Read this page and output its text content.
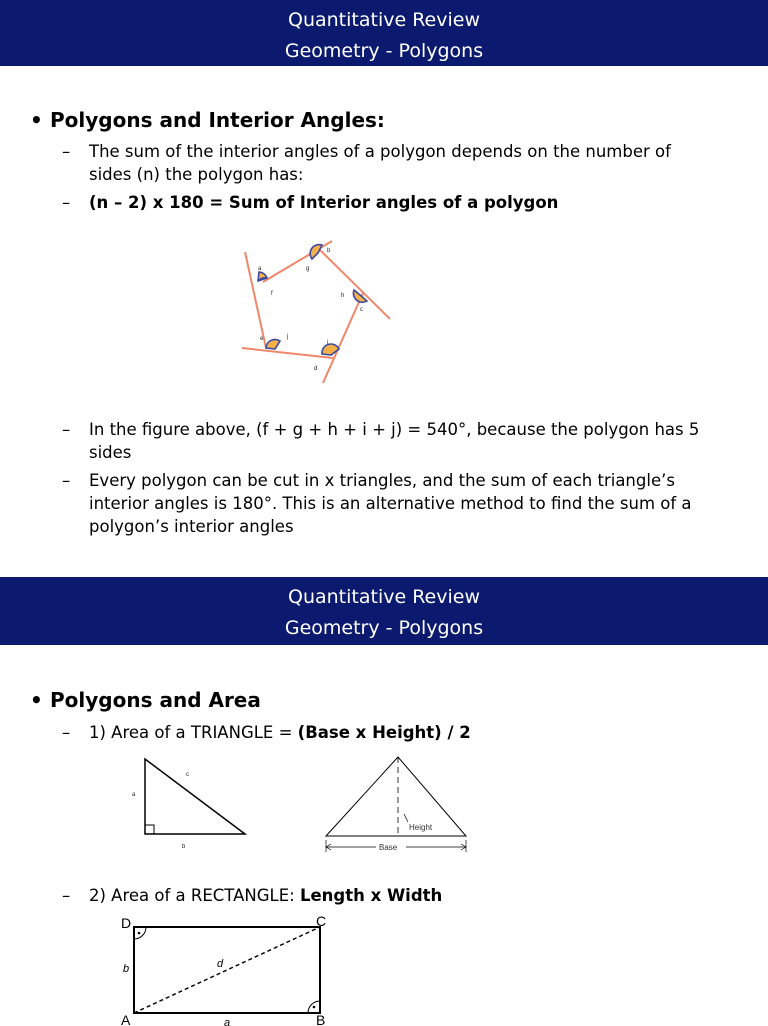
Quantitative Review
Geometry - Polygons
• Polygons and Interior Angles:
–	The sum of the interior angles of a polygon depends on the number of sides (n) the polygon has:
–	(n – 2) x 180 = Sum of Interior angles of a polygon
a
b
g
f	h
c
e	j
i
d
–	In the figure above, (f + g + h + i + j) = 540°, because the polygon has 5 sides
–	Every polygon can be cut in x triangles, and the sum of each triangle’s interior angles is 180°. This is an alternative method to find the sum of a polygon’s interior angles
Quantitative Review
Geometry - Polygons
• Polygons and Area
–	1) Area of a TRIANGLE = (Base x Height) / 2
a
c
b
Height
Base
–	2) Area of a RECTANGLE: Length x Width
D	C
A	B
b	d
a
